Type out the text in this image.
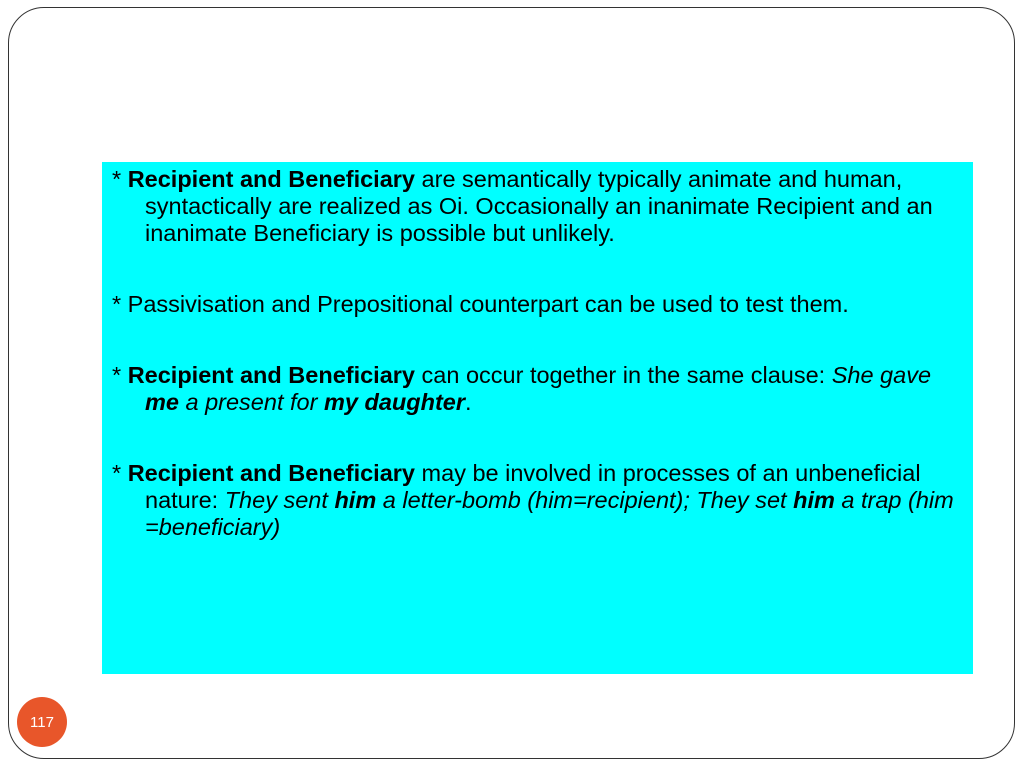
* Recipient and Beneficiary are semantically typically animate and human, syntactically are realized as Oi. Occasionally an inanimate Recipient and an inanimate Beneficiary is possible but unlikely.

* Passivisation and Prepositional counterpart can be used to test them.

* Recipient and Beneficiary can occur together in the same clause: She gave me a present for my daughter.

* Recipient and Beneficiary may be involved in processes of an unbeneficial nature: They sent him a letter-bomb (him=recipient); They set him a trap (him =beneficiary)

117
